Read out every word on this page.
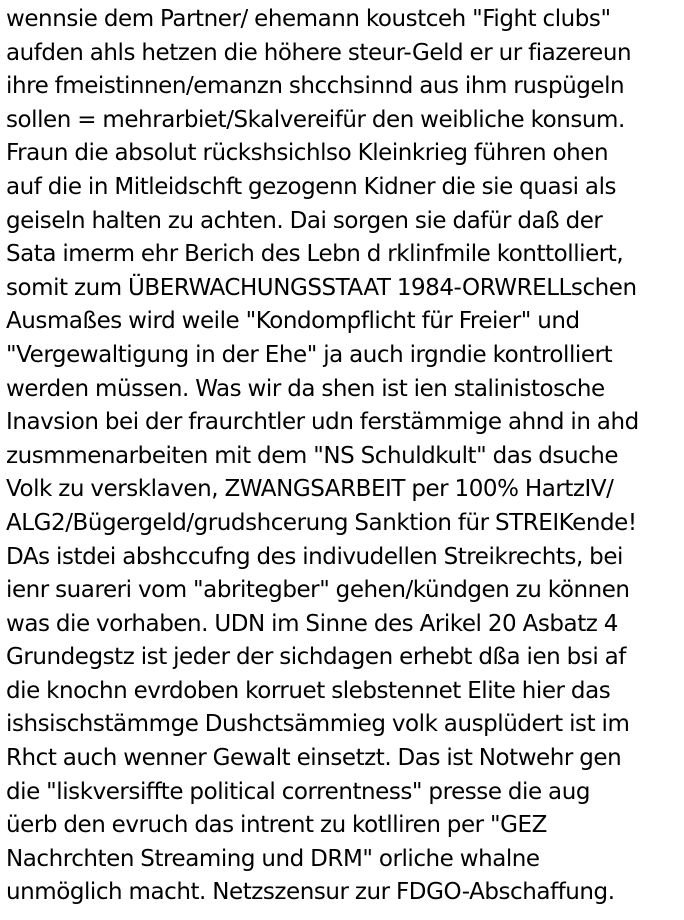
wennsie dem Partner/ ehemann koustceh "Fight clubs"
aufden ahls hetzen die höhere steur-Geld er ur fiazereun
ihre fmeistinnen/emanzn shcchsinnd aus ihm ruspügeln
sollen = mehrarbiet/Skalvereifür den weibliche konsum.
Fraun die absolut rückshsichlso Kleinkrieg führen ohen
auf die in Mitleidschft gezogenn Kidner die sie quasi als
geiseln halten zu achten. Dai sorgen sie dafür daß der
Sata imerm ehr Berich des Lebn d rklinfmile konttolliert,
somit zum ÜBERWACHUNGSSTAAT 1984-ORWRELLschen
Ausmaßes wird weile "Kondompflicht für Freier" und
"Vergewaltigung in der Ehe" ja auch irgndie kontrolliert
werden müssen. Was wir da shen ist ien stalinistosche
Inavsion bei der fraurchtler udn ferstämmige ahnd in ahd
zusmmenarbeiten mit dem "NS Schuldkult" das dsuche
Volk zu versklaven, ZWANGSARBEIT per 100% HartzIV/
ALG2/Bügergeld/grudshcerung Sanktion für STREIKende!
DAs istdei abshccufng des indivudellen Streikrechts, bei
ienr suareri vom "abritegber" gehen/kündgen zu können
was die vorhaben. UDN im Sinne des Arikel 20 Asbatz 4
Grundegstz ist jeder der sichdagen erhebt dßa ien bsi af
die knochn evrdoben korruet slebstennet Elite hier das
ishsischstämmge Dushctsämmieg volk ausplüdert ist im
Rhct auch wenner Gewalt einsetzt. Das ist Notwehr gen
die "liskversiffte political correntness" presse die aug
üerb den evruch das intrent zu kotlliren per "GEZ
Nachrchten Streaming und DRM" orliche whalne
unmöglich macht. Netzszensur zur FDGO-Abschaffung.
